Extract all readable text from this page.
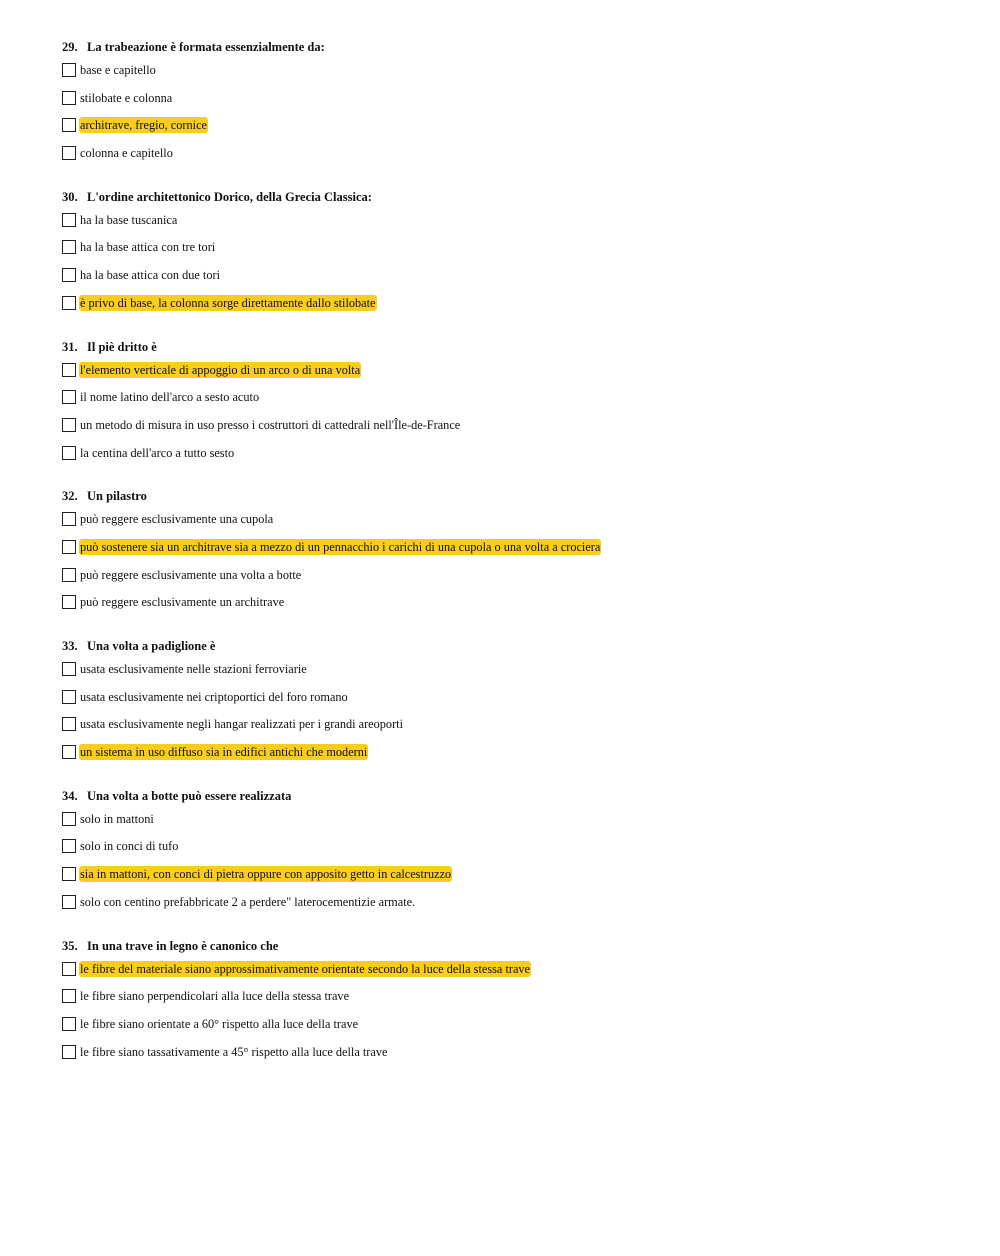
29. La trabeazione è formata essenzialmente da:
base e capitello
stilobate e colonna
architrave, fregio, cornice
colonna e capitello
30. L'ordine architettonico Dorico, della Grecia Classica:
ha la base tuscanica
ha la base attica con tre tori
ha la base attica con due tori
è privo di base, la colonna sorge direttamente dallo stilobate
31. Il piè dritto è
l'elemento verticale di appoggio di un arco o di una volta
il nome latino dell'arco a sesto acuto
un metodo di misura in uso presso i costruttori di cattedrali nell'Île-de-France
la centina dell'arco a tutto sesto
32. Un pilastro
può reggere esclusivamente una cupola
può sostenere sia un architrave sia a mezzo di un pennacchio i carichi di una cupola o una volta a crociera
può reggere esclusivamente una volta a botte
può reggere esclusivamente un architrave
33. Una volta a padiglione è
usata esclusivamente nelle stazioni ferroviarie
usata esclusivamente nei criptoportici del foro romano
usata esclusivamente negli hangar realizzati per i grandi areoporti
un sistema in uso diffuso sia in edifici antichi che moderni
34. Una volta a botte può essere realizzata
solo in mattoni
solo in conci di tufo
sia in mattoni, con conci di pietra oppure con apposito getto in calcestruzzo
solo con centino prefabbricate 2 a perdere" laterocementizie armate.
35. In una trave in legno è canonico che
le fibre del materiale siano approssimativamente orientate secondo la luce della stessa trave
le fibre siano perpendicolari alla luce della stessa trave
le fibre siano orientate a 60° rispetto alla luce della trave
le fibre siano tassativamente a 45° rispetto alla luce della trave
